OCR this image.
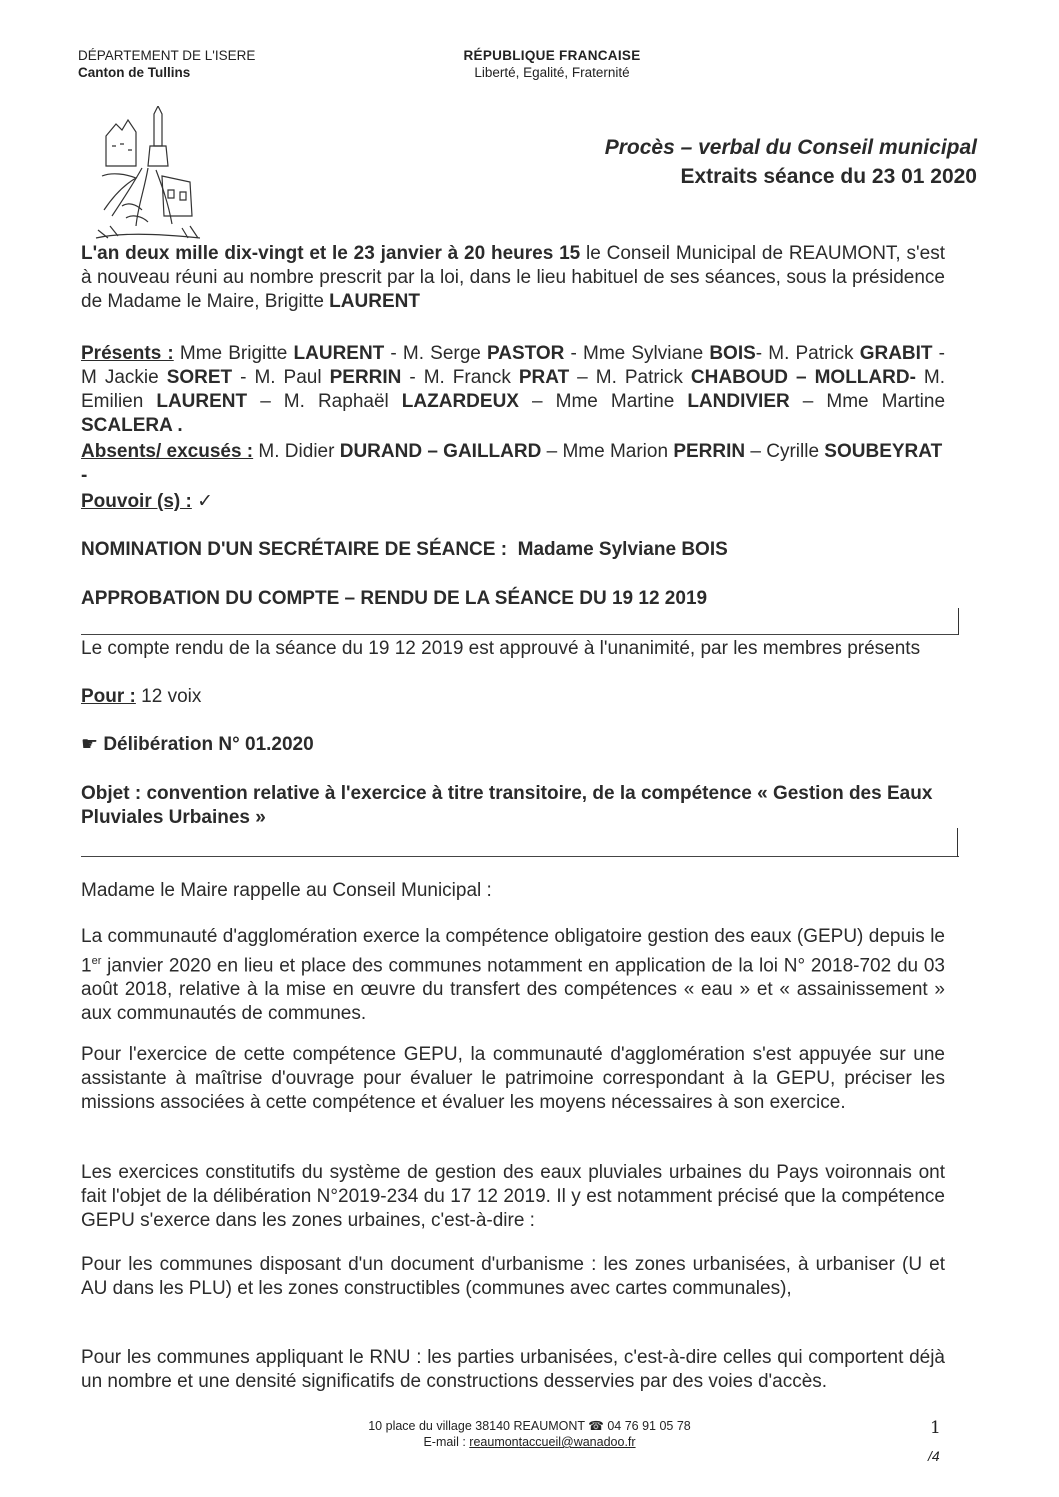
DÉPARTEMENT DE L'ISERE
Canton de Tullins
RÉPUBLIQUE FRANCAISE
Liberté, Egalité, Fraternité
Procès – verbal du Conseil municipal
Extraits séance du 23 01 2020
L'an deux mille dix-vingt et le 23 janvier à 20 heures 15 le Conseil Municipal de REAUMONT, s'est à nouveau réuni au nombre prescrit par la loi, dans le lieu habituel de ses séances, sous la présidence de Madame le Maire, Brigitte LAURENT
Présents : Mme Brigitte LAURENT - M. Serge PASTOR - Mme Sylviane BOIS- M. Patrick GRABIT - M Jackie SORET - M. Paul PERRIN - M. Franck PRAT – M. Patrick CHABOUD – MOLLARD- M. Emilien LAURENT – M. Raphaël LAZARDEUX – Mme Martine LANDIVIER – Mme Martine SCALERA .
Absents/ excusés : M. Didier DURAND – GAILLARD – Mme Marion PERRIN – Cyrille SOUBEYRAT -
Pouvoir (s) : ✓
NOMINATION D'UN SECRÉTAIRE DE SÉANCE : Madame Sylviane BOIS
APPROBATION DU COMPTE – RENDU DE LA SÉANCE DU 19 12 2019
Le compte rendu de la séance du 19 12 2019 est approuvé à l'unanimité, par les membres présents
Pour : 12 voix
☛ Délibération N° 01.2020
Objet : convention relative à l'exercice à titre transitoire, de la compétence « Gestion des Eaux Pluviales Urbaines »
Madame le Maire rappelle au Conseil Municipal :
La communauté d'agglomération exerce la compétence obligatoire gestion des eaux (GEPU) depuis le 1er janvier 2020 en lieu et place des communes notamment en application de la loi N° 2018-702 du 03 août 2018, relative à la mise en œuvre du transfert des compétences « eau » et « assainissement » aux communautés de communes.
Pour l'exercice de cette compétence GEPU, la communauté d'agglomération s'est appuyée sur une assistante à maîtrise d'ouvrage pour évaluer le patrimoine correspondant à la GEPU, préciser les missions associées à cette compétence et évaluer les moyens nécessaires à son exercice.
Les exercices constitutifs du système de gestion des eaux pluviales urbaines du Pays voironnais ont fait l'objet de la délibération N°2019-234 du 17 12 2019. Il y est notamment précisé que la compétence GEPU s'exerce dans les zones urbaines, c'est-à-dire :
Pour les communes disposant d'un document d'urbanisme : les zones urbanisées, à urbaniser (U et AU dans les PLU) et les zones constructibles (communes avec cartes communales),
Pour les communes appliquant le RNU : les parties urbanisées, c'est-à-dire celles qui comportent déjà un nombre et une densité significatifs de constructions desservies par des voies d'accès.
10 place du village 38140 REAUMONT ☎ 04 76 91 05 78
E-mail : reaumontaccueil@wanadoo.fr
1
/4
